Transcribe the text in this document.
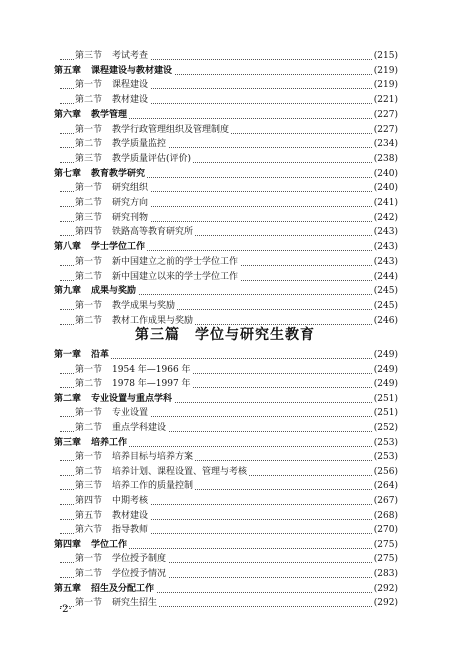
第三节 考试考查	(215)
第五章 课程建设与教材建设	(219)
第一节 课程建设	(219)
第二节 教材建设	(221)
第六章 教学管理	(227)
第一节 教学行政管理组织及管理制度	(227)
第二节 教学质量监控	(234)
第三节 教学质量评估(评价)	(238)
第七章 教育教学研究	(240)
第一节 研究组织	(240)
第二节 研究方向	(241)
第三节 研究刊物	(242)
第四节 铁路高等教育研究所	(243)
第八章 学士学位工作	(243)
第一节 新中国建立之前的学士学位工作	(243)
第二节 新中国建立以来的学士学位工作	(244)
第九章 成果与奖励	(245)
第一节 教学成果与奖励	(245)
第二节 教材工作成果与奖励	(246)
第三篇　学位与研究生教育
第一章 沿革	(249)
第一节 1954 年—1966 年	(249)
第二节 1978 年—1997 年	(249)
第二章 专业设置与重点学科	(251)
第一节 专业设置	(251)
第二节 重点学科建设	(252)
第三章 培养工作	(253)
第一节 培养目标与培养方案	(253)
第二节 培养计划、课程设置、管理与考核	(256)
第三节 培养工作的质量控制	(264)
第四节 中期考核	(267)
第五节 教材建设	(268)
第六节 指导教师	(270)
第四章 学位工作	(275)
第一节 学位授予制度	(275)
第二节 学位授予情况	(283)
第五章 招生及分配工作	(292)
第一节 研究生招生	(292)
·2·
